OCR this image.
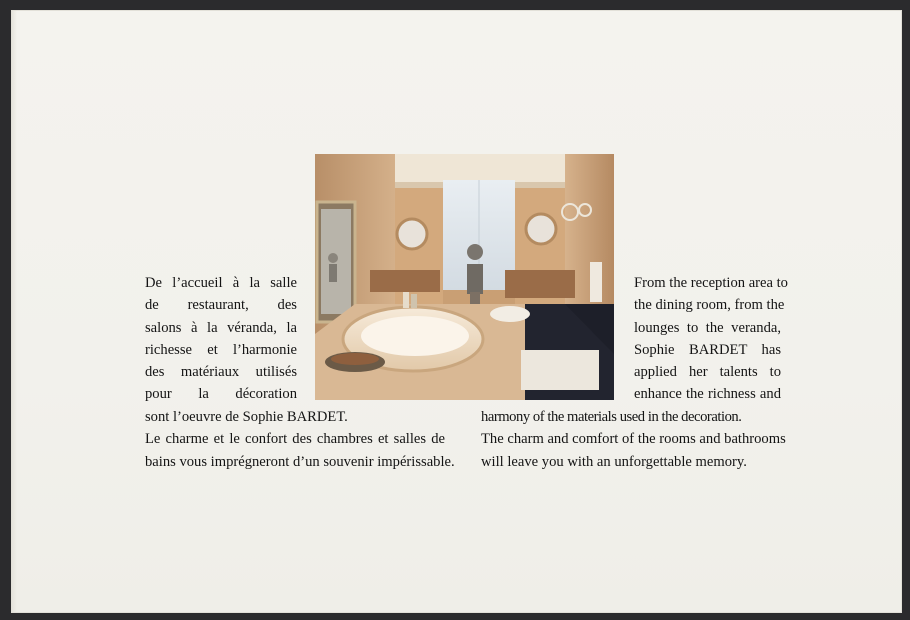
De l’accueil à la salle
de restaurant, des
salons à la véranda, la
richesse et l’harmonie
des matériaux utilisés
pour la décoration
sont l’oeuvre de Sophie BARDET.
Le charme et le confort des chambres et salles de
bains vous imprégneront d’un souvenir impérissable.
From the reception area to
the dining room, from the
lounges to the veranda,
Sophie BARDET has
applied her talents to
enhance the richness and
harmony of the materials used in the decoration.
The charm and comfort of the rooms and bathrooms
will leave you with an unforgettable memory.
